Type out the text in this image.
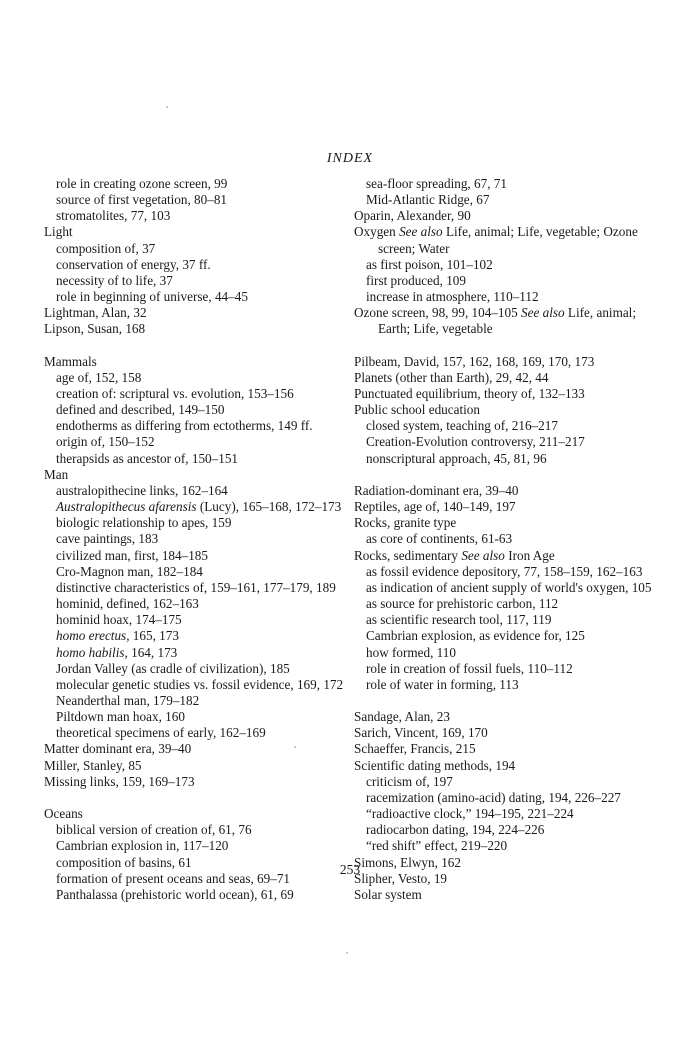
INDEX
role in creating ozone screen, 99
source of first vegetation, 80–81
stromatolites, 77, 103
Light
composition of, 37
conservation of energy, 37 ff.
necessity of to life, 37
role in beginning of universe, 44–45
Lightman, Alan, 32
Lipson, Susan, 168
Mammals
age of, 152, 158
creation of: scriptural vs. evolution, 153–156
defined and described, 149–150
endotherms as differing from ectotherms, 149 ff.
origin of, 150–152
therapsids as ancestor of, 150–151
Man
australopithecine links, 162–164
Australopithecus afarensis (Lucy), 165–168, 172–173
biologic relationship to apes, 159
cave paintings, 183
civilized man, first, 184–185
Cro-Magnon man, 182–184
distinctive characteristics of, 159–161, 177–179, 189
hominid, defined, 162–163
hominid hoax, 174–175
homo erectus, 165, 173
homo habilis, 164, 173
Jordan Valley (as cradle of civilization), 185
molecular genetic studies vs. fossil evidence, 169, 172
Neanderthal man, 179–182
Piltdown man hoax, 160
theoretical specimens of early, 162–169
Matter dominant era, 39–40
Miller, Stanley, 85
Missing links, 159, 169–173
Oceans
biblical version of creation of, 61, 76
Cambrian explosion in, 117–120
composition of basins, 61
formation of present oceans and seas, 69–71
Panthalassa (prehistoric world ocean), 61, 69
sea-floor spreading, 67, 71
Mid-Atlantic Ridge, 67
Oparin, Alexander, 90
Oxygen See also Life, animal; Life, vegetable; Ozone screen; Water
as first poison, 101–102
first produced, 109
increase in atmosphere, 110–112
Ozone screen, 98, 99, 104–105 See also Life, animal; Earth; Life, vegetable
Pilbeam, David, 157, 162, 168, 169, 170, 173
Planets (other than Earth), 29, 42, 44
Punctuated equilibrium, theory of, 132–133
Public school education
closed system, teaching of, 216–217
Creation-Evolution controversy, 211–217
nonscriptural approach, 45, 81, 96
Radiation-dominant era, 39–40
Reptiles, age of, 140–149, 197
Rocks, granite type
as core of continents, 61-63
Rocks, sedimentary See also Iron Age
as fossil evidence depository, 77, 158–159, 162–163
as indication of ancient supply of world's oxygen, 105
as source for prehistoric carbon, 112
as scientific research tool, 117, 119
Cambrian explosion, as evidence for, 125
how formed, 110
role in creation of fossil fuels, 110–112
role of water in forming, 113
Sandage, Alan, 23
Sarich, Vincent, 169, 170
Schaeffer, Francis, 215
Scientific dating methods, 194
criticism of, 197
racemization (amino-acid) dating, 194, 226–227
“radioactive clock,” 194–195, 221–224
radiocarbon dating, 194, 224–226
“red shift” effect, 219–220
Simons, Elwyn, 162
Slipher, Vesto, 19
Solar system
253
